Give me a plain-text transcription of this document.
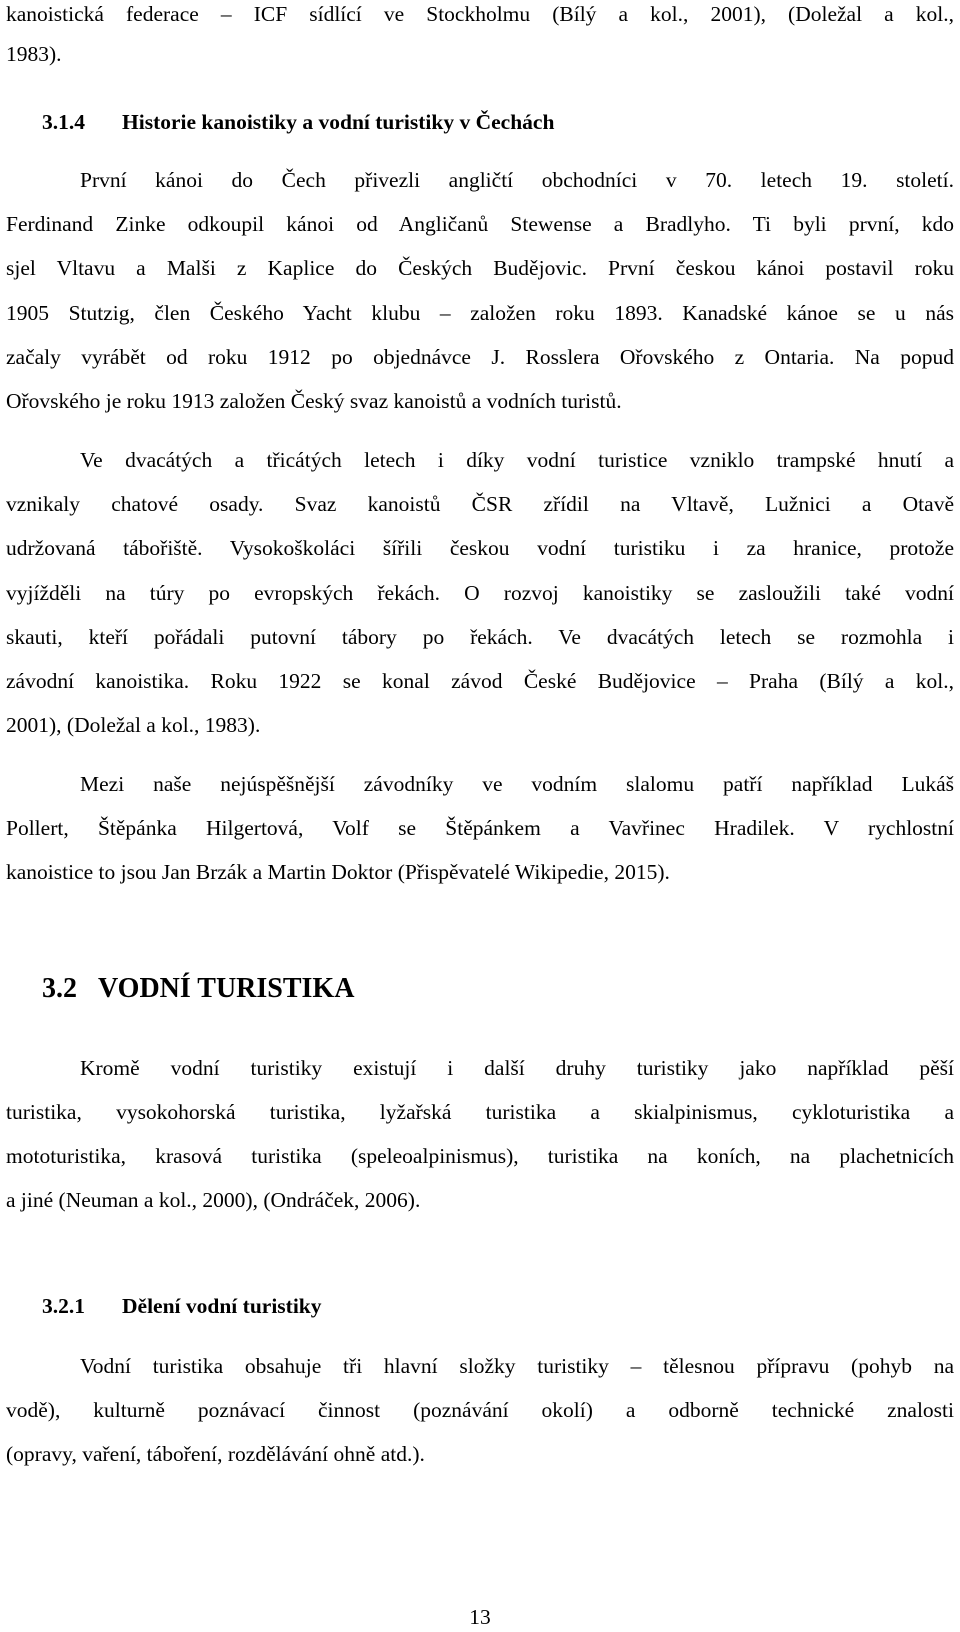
kanoistická federace – ICF sídlící ve Stockholmu (Bílý a kol., 2001), (Doležal a kol.,
1983).
3.1.4 Historie kanoistiky a vodní turistiky v Čechách
První kánoi do Čech přivezli angličtí obchodníci v 70. letech 19. století.
Ferdinand Zinke odkoupil kánoi od Angličanů Stewense a Bradlyho. Ti byli první, kdo
sjel Vltavu a Malši z Kaplice do Českých Budějovic. První českou kánoi postavil roku
1905 Stutzig, člen Českého Yacht klubu – založen roku 1893. Kanadské kánoe se u nás
začaly vyrábět od roku 1912 po objednávce J. Rosslera Ořovského z Ontaria. Na popud
Ořovského je roku 1913 založen Český svaz kanoistů a vodních turistů.
Ve dvacátých a třicátých letech i díky vodní turistice vzniklo trampské hnutí a
vznikaly chatové osady. Svaz kanoistů ČSR zřídil na Vltavě, Lužnici a Otavě
udržovaná tábořiště. Vysokoškoláci šířili českou vodní turistiku i za hranice, protože
vyjížděli na túry po evropských řekách. O rozvoj kanoistiky se zasloužili také vodní
skauti, kteří pořádali putovní tábory po řekách. Ve dvacátých letech se rozmohla i
závodní kanoistika. Roku 1922 se konal závod České Budějovice – Praha (Bílý a kol.,
2001), (Doležal a kol., 1983).
Mezi naše nejúspěšnější závodníky ve vodním slalomu patří například Lukáš
Pollert, Štěpánka Hilgertová, Volf se Štěpánkem a Vavřinec Hradilek. V rychlostní
kanoistice to jsou Jan Brzák a Martin Doktor (Přispěvatelé Wikipedie, 2015).
3.2 VODNÍ TURISTIKA
Kromě vodní turistiky existují i další druhy turistiky jako například pěší
turistika, vysokohorská turistika, lyžařská turistika a skialpinismus, cykloturistika a
mototuristika, krasová turistika (speleoalpinismus), turistika na koních, na plachetnicích
a jiné (Neuman a kol., 2000), (Ondráček, 2006).
3.2.1 Dělení vodní turistiky
Vodní turistika obsahuje tři hlavní složky turistiky – tělesnou přípravu (pohyb na
vodě), kulturně poznávací činnost (poznávání okolí) a odborně technické znalosti
(opravy, vaření, táboření, rozdělávání ohně atd.).
13
